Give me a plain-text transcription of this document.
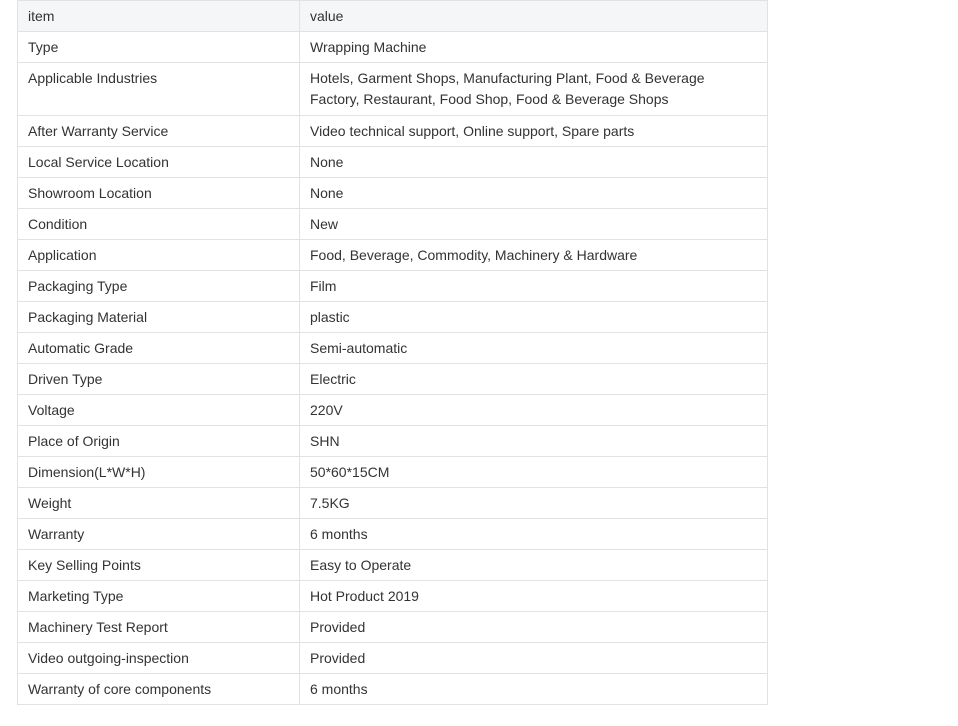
item	value
Type	Wrapping Machine
Applicable Industries	Hotels, Garment Shops, Manufacturing Plant, Food & Beverage Factory, Restaurant, Food Shop, Food & Beverage Shops
After Warranty Service	Video technical support, Online support, Spare parts
Local Service Location	None
Showroom Location	None
Condition	New
Application	Food, Beverage, Commodity, Machinery & Hardware
Packaging Type	Film
Packaging Material	plastic
Automatic Grade	Semi-automatic
Driven Type	Electric
Voltage	220V
Place of Origin	SHN
Dimension(L*W*H)	50*60*15CM
Weight	7.5KG
Warranty	6 months
Key Selling Points	Easy to Operate
Marketing Type	Hot Product 2019
Machinery Test Report	Provided
Video outgoing-inspection	Provided
Warranty of core components	6 months
